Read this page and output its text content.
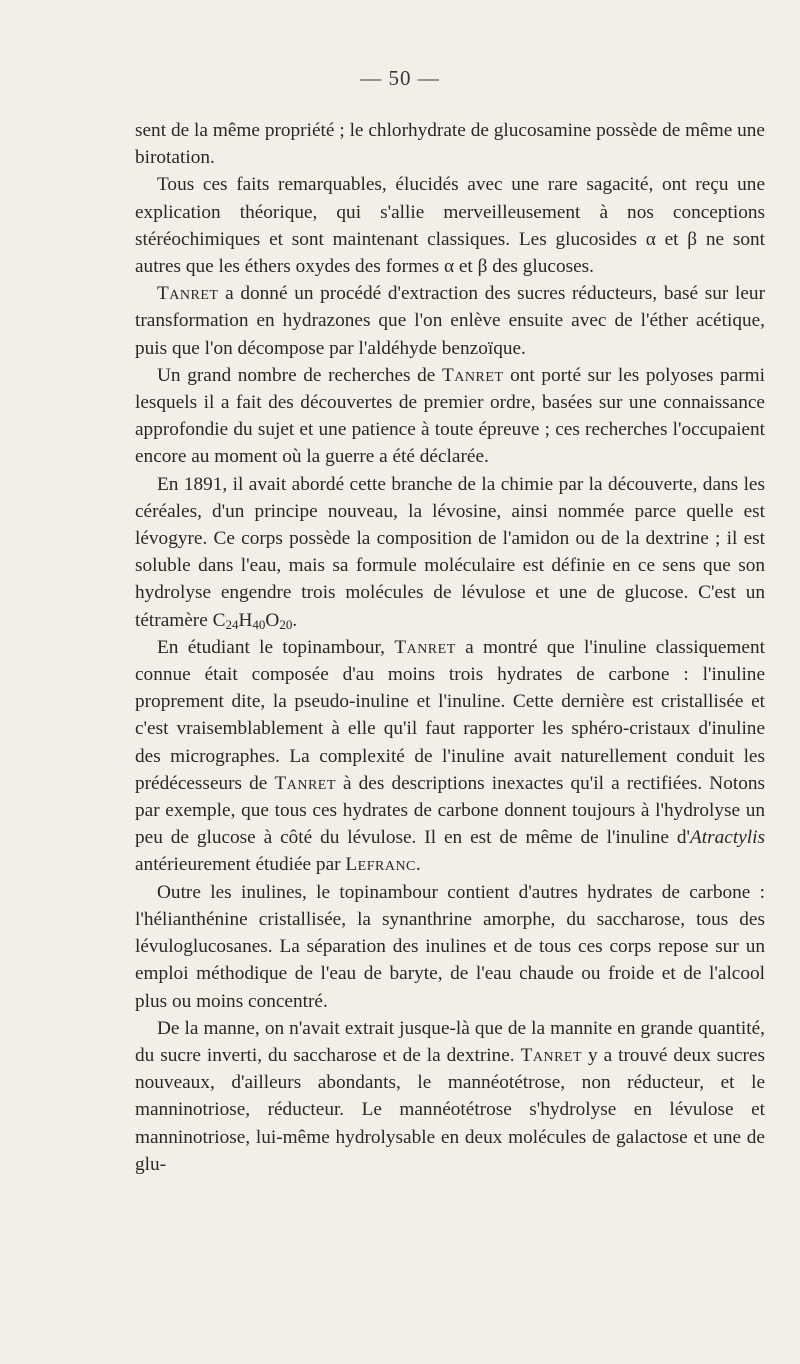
— 50 —

sent de la même propriété ; le chlorhydrate de glucosamine possède de même une birotation.

Tous ces faits remarquables, élucidés avec une rare sagacité, ont reçu une explication théorique, qui s'allie merveilleusement à nos conceptions stéréochimiques et sont maintenant classiques. Les glucosides α et β ne sont autres que les éthers oxydes des formes α et β des glucoses.

Tanret a donné un procédé d'extraction des sucres réducteurs, basé sur leur transformation en hydrazones que l'on enlève ensuite avec de l'éther acétique, puis que l'on décompose par l'aldéhyde benzoïque.

Un grand nombre de recherches de Tanret ont porté sur les polyoses parmi lesquels il a fait des découvertes de premier ordre, basées sur une connaissance approfondie du sujet et une patience à toute épreuve ; ces recherches l'occupaient encore au moment où la guerre a été déclarée.

En 1891, il avait abordé cette branche de la chimie par la découverte, dans les céréales, d'un principe nouveau, la lévosine, ainsi nommée parce quelle est lévogyre. Ce corps possède la composition de l'amidon ou de la dextrine ; il est soluble dans l'eau, mais sa formule moléculaire est définie en ce sens que son hydrolyse engendre trois molécules de lévulose et une de glucose. C'est un tétramère $C_{24}H_{40}O_{20}$.

En étudiant le topinambour, Tanret a montré que l'inuline classiquement connue était composée d'au moins trois hydrates de carbone : l'inuline proprement dite, la pseudo-inuline et l'inuline. Cette dernière est cristallisée et c'est vraisemblablement à elle qu'il faut rapporter les sphéro-cristaux d'inuline des micrographes. La complexité de l'inuline avait naturellement conduit les prédécesseurs de Tanret à des descriptions inexactes qu'il a rectifiées. Notons par exemple, que tous ces hydrates de carbone donnent toujours à l'hydrolyse un peu de glucose à côté du lévulose. Il en est de même de l'inuline d'Atractylis antérieurement étudiée par Lefranc.

Outre les inulines, le topinambour contient d'autres hydrates de carbone : l'hélianthénine cristallisée, la synanthrine amorphe, du saccharose, tous des lévuloglucosanes. La séparation des inulines et de tous ces corps repose sur un emploi méthodique de l'eau de baryte, de l'eau chaude ou froide et de l'alcool plus ou moins concentré.

De la manne, on n'avait extrait jusque-là que de la mannite en grande quantité, du sucre inverti, du saccharose et de la dextrine. Tanret y a trouvé deux sucres nouveaux, d'ailleurs abondants, le mannéotétrose, non réducteur, et le manninotriose, réducteur. Le mannéotétrose s'hydrolyse en lévulose et manninotriose, lui-même hydrolysable en deux molécules de galactose et une de glu-
